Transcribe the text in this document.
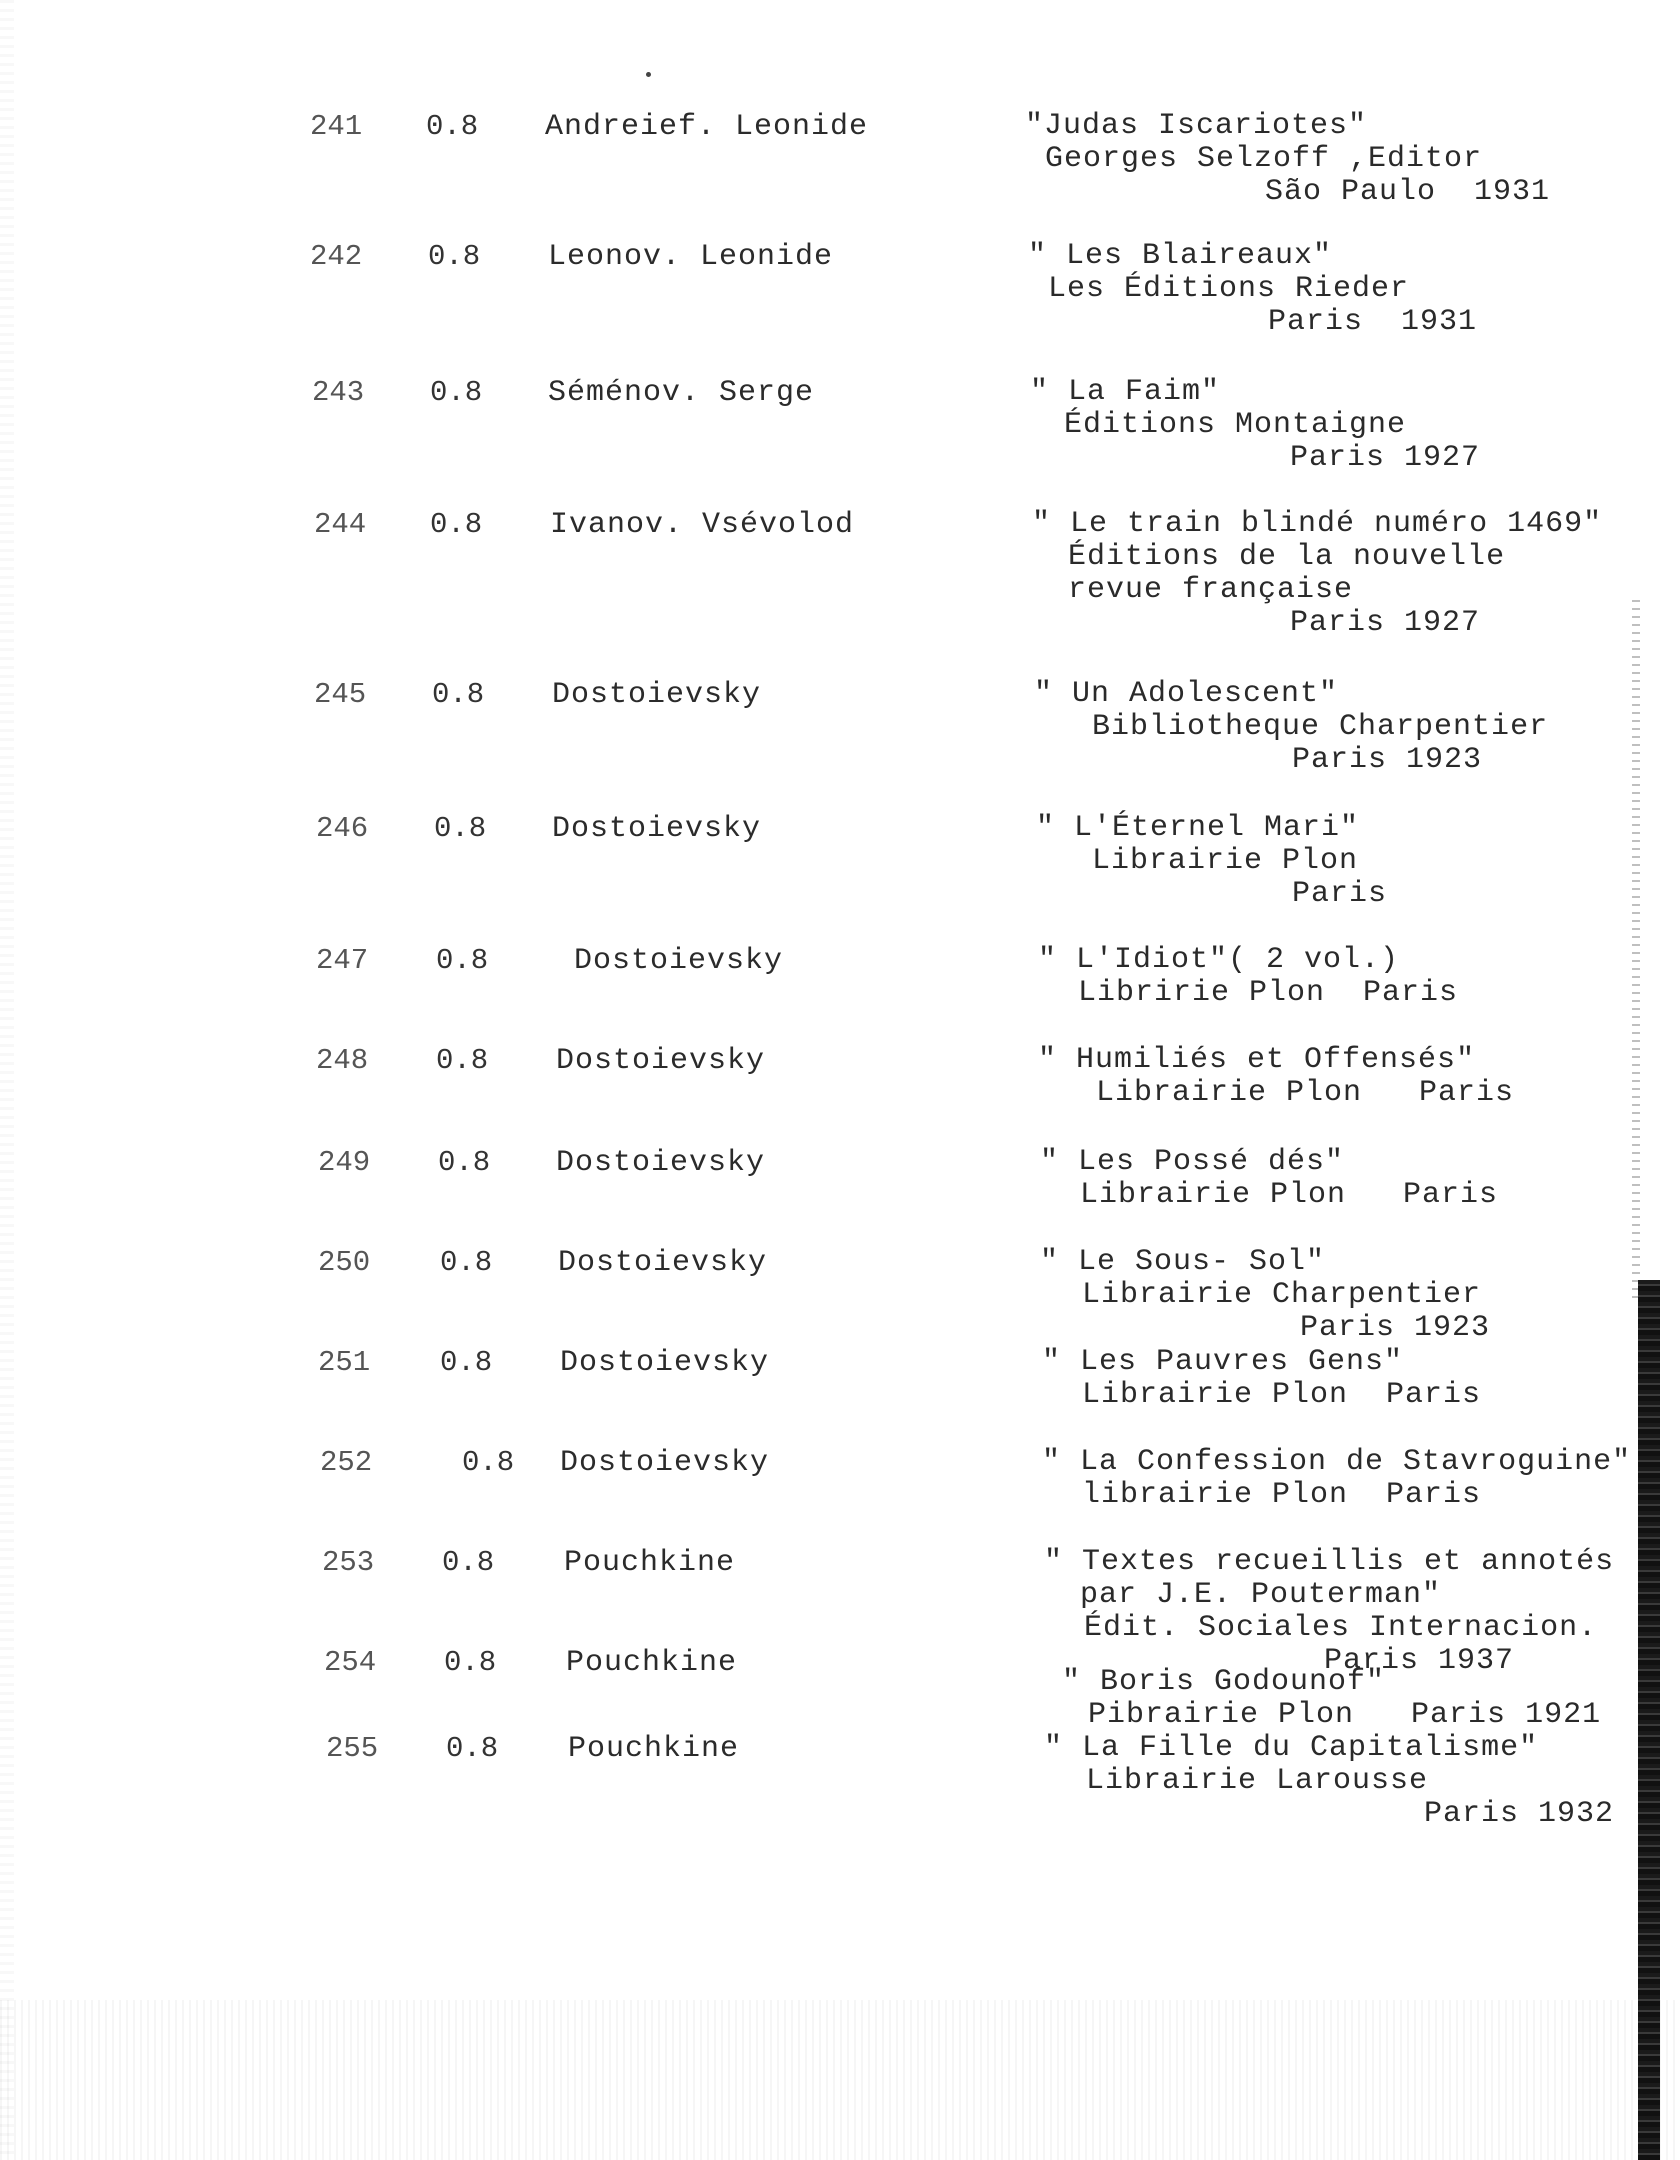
241 0.8 Andreief. Leonide	"Judas Iscariotes"
Georges Selzoff ,Editor
São Paulo  1931
242 0.8 Leonov. Leonide	" Les Blaireaux"
Les Éditions Rieder
Paris  1931
243 0.8 Séménov. Serge	" La Faim"
Éditions Montaigne
Paris 1927
244 0.8 Ivanov. Vsévolod	" Le train blindé numéro 1469"
Éditions de la nouvelle
revue française
Paris 1927
245 0.8 Dostoievsky	" Un Adolescent"
Bibliotheque Charpentier
Paris 1923
246 0.8 Dostoievsky	" L'Éternel Mari"
Librairie Plon
Paris
247 0.8	Dostoievsky	" L'Idiot"( 2 vol.)
Libririe Plon  Paris
248 0.8 Dostoievsky	" Humiliés et Offensés"
Librairie Plon   Paris
249 0.8 Dostoievsky	" Les Possé dés"
Librairie Plon   Paris
250 0.8 Dostoievsky	" Le Sous- Sol"
Librairie Charpentier
Paris 1923
251 0.8 Dostoievsky	" Les Pauvres Gens"
Librairie Plon  Paris
252	0.8 Dostoievsky	" La Confession de Stavroguine"
librairie Plon  Paris
253 0.8 Pouchkine	" Textes recueillis et annotés
par J.E. Pouterman"
Édit. Sociales Internacion.
Paris 1937
254 0.8 Pouchkine
" Boris Godounof"
Pibrairie Plon   Paris 1921
255 0.8 Pouchkine	" La Fille du Capitalisme"
Librairie Larousse
Paris 1932
